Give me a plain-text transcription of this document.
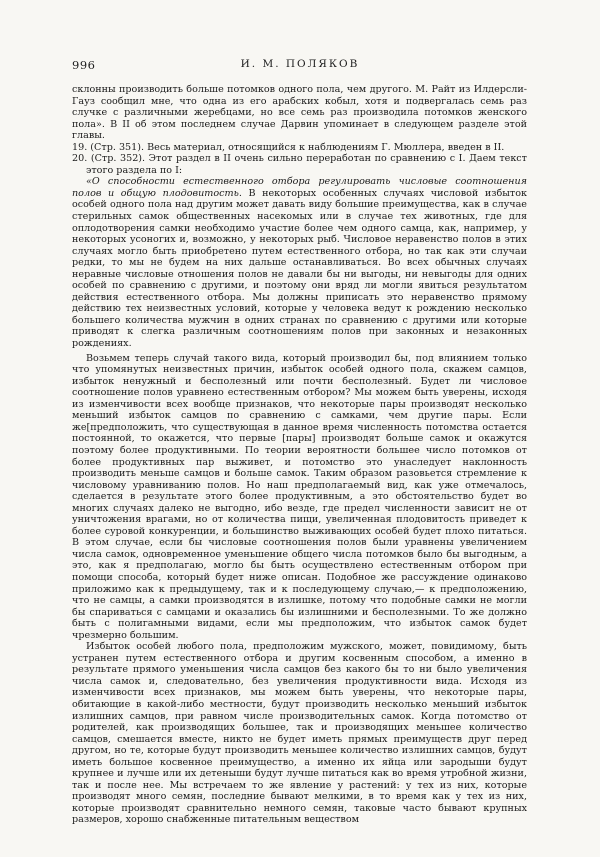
996	И. М. ПОЛЯКОВ

склонны производить больше потомков одного пола, чем другого. М. Райт из Илдерсли-Гауз сообщил мне, что одна из его арабских кобыл, хотя и подвергалась семь раз случке с различными жеребцами, но все семь раз производила потомков женского пола». В II об этом последнем случае Дарвин упоминает в следующем разделе этой главы.

19. (Стр. 351). Весь материал, относящийся к наблюдениям Г. Мюллера, введен в II.

20. (Стр. 352). Этот раздел в II очень сильно переработан по сравнению с I. Даем текст этого раздела по I:

«О способности естественного отбора регулировать числовые соотношения полов и общую плодовитость. В некоторых особенных случаях числовой избыток особей одного пола над другим может давать виду большие преимущества, как в случае стерильных самок общественных насекомых или в случае тех животных, где для оплодотворения самки необходимо участие более чем одного самца, как, например, у некоторых усоногих и, возможно, у некоторых рыб. Числовое неравенство полов в этих случаях могло быть приобретено путем естественного отбора, но так как эти случаи редки, то мы не будем на них дальше останавливаться. Во всех обычных случаях неравные числовые отношения полов не давали бы ни выгоды, ни невыгоды для одних особей по сравнению с другими, и поэтому они вряд ли могли явиться результатом действия естественного отбора. Мы должны приписать это неравенство прямому действию тех неизвестных условий, которые у человека ведут к рождению несколько большего количества мужчин в одних странах по сравнению с другими или которые приводят к слегка различным соотношениям полов при законных и незаконных рождениях.

Возьмем теперь случай такого вида, который производил бы, под влиянием только что упомянутых неизвестных причин, избыток особей одного пола, скажем самцов, избыток ненужный и бесполезный или почти бесполезный. Будет ли числовое соотношение полов уравнено естественным отбором? Мы можем быть уверены, исходя из изменчивости всех вообще признаков, что некоторые пары производят несколько меньший избыток самцов по сравнению с самками, чем другие пары. Если же[предположить, что существующая в данное время численность потомства остается постоянной, то окажется, что первые [пары] производят больше самок и окажутся поэтому более продуктивными. По теории вероятности большее число потомков от более продуктивных пар выживет, и потомство это унаследует наклонность производить меньше самцов и больше самок. Таким образом разовьется стремление к числовому уравниванию полов. Но наш предполагаемый вид, как уже отмечалось, сделается в результате этого более продуктивным, а это обстоятельство будет во многих случаях далеко не выгодно, ибо везде, где предел численности зависит не от уничтожения врагами, но от количества пищи, увеличенная плодовитость приведет к более суровой конкуренции, и большинство выживающих особей будет плохо питаться. В этом случае, если бы числовые соотношения полов были уравнены увеличением числа самок, одновременное уменьшение общего числа потомков было бы выгодным, а это, как я предполагаю, могло бы быть осуществлено естественным отбором при помощи способа, который будет ниже описан. Подобное же рассуждение одинаково приложимо как к предыдущему, так и к последующему случаю,— к предположению, что не самцы, а самки производятся в излишке, потому что подобные самки не могли бы спариваться с самцами и оказались бы излишними и бесполезными. То же должно быть с полигамными видами, если мы предположим, что избыток самок будет чрезмерно большим.

Избыток особей любого пола, предположим мужского, может, повидимому, быть устранен путем естественного отбора и другим косвенным способом, а именно в результате прямого уменьшения числа самцов без какого бы то ни было увеличения числа самок и, следовательно, без увеличения продуктивности вида. Исходя из изменчивости всех признаков, мы можем быть уверены, что некоторые пары, обитающие в какой-либо местности, будут производить несколько меньший избыток излишних самцов, при равном числе производительных самок. Когда потомство от родителей, как производящих большее, так и производящих меньшее количество самцов, смешается вместе, никто не будет иметь прямых преимуществ друг перед другом, но те, которые будут производить меньшее количество излишних самцов, будут иметь большое косвенное преимущество, а именно их яйца или зародыши будут крупнее и лучше или их детеныши будут лучше питаться как во время утробной жизни, так и после нее. Мы встречаем то же явление у растений: у тех из них, которые производят много семян, последние бывают мелкими, в то время как у тех из них, которые производят сравнительно немного семян, таковые часто бывают крупных размеров, хорошо снабженные питательным веществом
